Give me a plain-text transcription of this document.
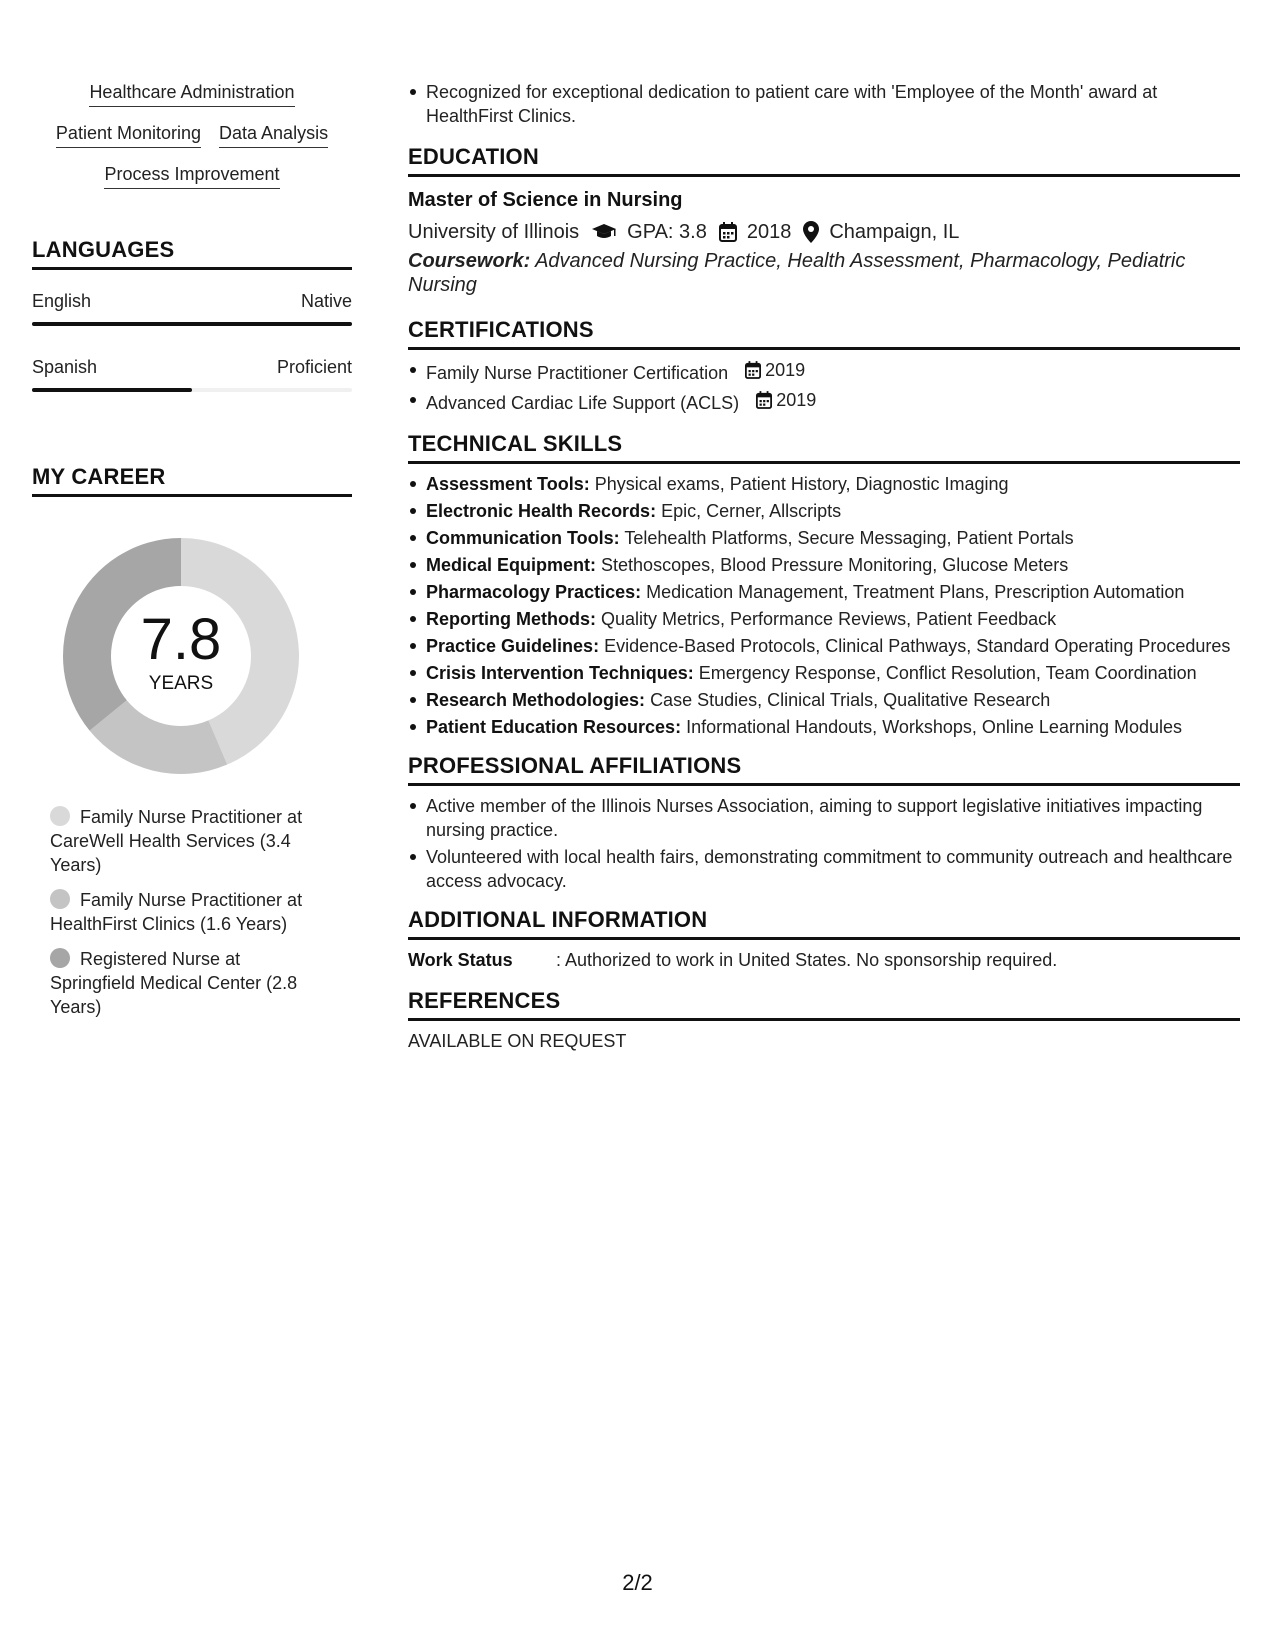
Healthcare Administration
Patient Monitoring Data Analysis
Process Improvement
LANGUAGES
English	Native
Spanish	Proficient
MY CAREER
7.8
YEARS
Family Nurse Practitioner at CareWell Health Services (3.4 Years)
Family Nurse Practitioner at HealthFirst Clinics (1.6 Years)
Registered Nurse at Springfield Medical Center (2.8 Years)
Recognized for exceptional dedication to patient care with 'Employee of the Month' award at HealthFirst Clinics.
EDUCATION
Master of Science in Nursing
University of Illinois GPA: 3.8 2018 Champaign, IL
Coursework: Advanced Nursing Practice, Health Assessment, Pharmacology, Pediatric Nursing
CERTIFICATIONS
Family Nurse Practitioner Certification 2019
Advanced Cardiac Life Support (ACLS) 2019
TECHNICAL SKILLS
Assessment Tools: Physical exams, Patient History, Diagnostic Imaging
Electronic Health Records: Epic, Cerner, Allscripts
Communication Tools: Telehealth Platforms, Secure Messaging, Patient Portals
Medical Equipment: Stethoscopes, Blood Pressure Monitoring, Glucose Meters
Pharmacology Practices: Medication Management, Treatment Plans, Prescription Automation
Reporting Methods: Quality Metrics, Performance Reviews, Patient Feedback
Practice Guidelines: Evidence-Based Protocols, Clinical Pathways, Standard Operating Procedures
Crisis Intervention Techniques: Emergency Response, Conflict Resolution, Team Coordination
Research Methodologies: Case Studies, Clinical Trials, Qualitative Research
Patient Education Resources: Informational Handouts, Workshops, Online Learning Modules
PROFESSIONAL AFFILIATIONS
Active member of the Illinois Nurses Association, aiming to support legislative initiatives impacting nursing practice.
Volunteered with local health fairs, demonstrating commitment to community outreach and healthcare access advocacy.
ADDITIONAL INFORMATION
Work Status	: Authorized to work in United States. No sponsorship required.
REFERENCES
AVAILABLE ON REQUEST
2/2
